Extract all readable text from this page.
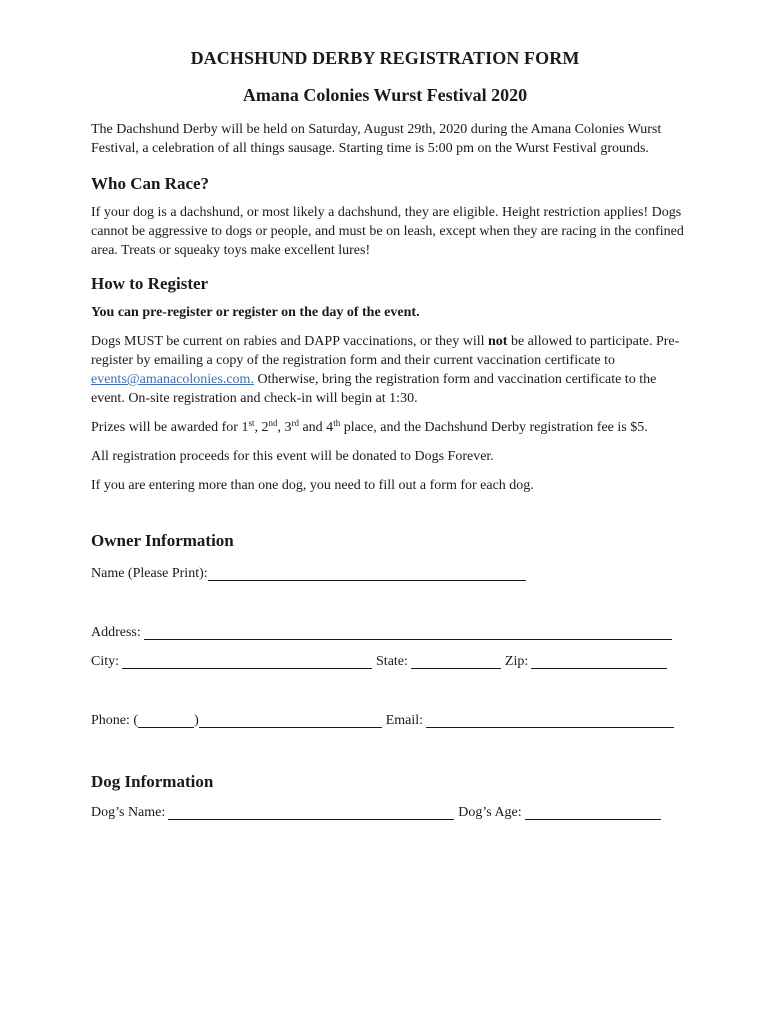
DACHSHUND DERBY REGISTRATION FORM
Amana Colonies Wurst Festival 2020

The Dachshund Derby will be held on Saturday, August 29th, 2020 during the Amana Colonies Wurst Festival, a celebration of all things sausage. Starting time is 5:00 pm on the Wurst Festival grounds.

Who Can Race?

If your dog is a dachshund, or most likely a dachshund, they are eligible. Height restriction applies! Dogs cannot be aggressive to dogs or people, and must be on leash, except when they are racing in the confined area. Treats or squeaky toys make excellent lures!

How to Register

You can pre-register or register on the day of the event.

Dogs MUST be current on rabies and DAPP vaccinations, or they will not be allowed to participate. Pre-register by emailing a copy of the registration form and their current vaccination certificate to events@amanacolonies.com. Otherwise, bring the registration form and vaccination certificate to the event. On-site registration and check-in will begin at 1:30.

Prizes will be awarded for 1st, 2nd, 3rd and 4th place, and the Dachshund Derby registration fee is $5.

All registration proceeds for this event will be donated to Dogs Forever.

If you are entering more than one dog, you need to fill out a form for each dog.

Owner Information
Name (Please Print):
Address:
City:	State:	Zip:
Phone: (	)	Email:
Dog Information
Dog’s Name:	Dog’s Age:
